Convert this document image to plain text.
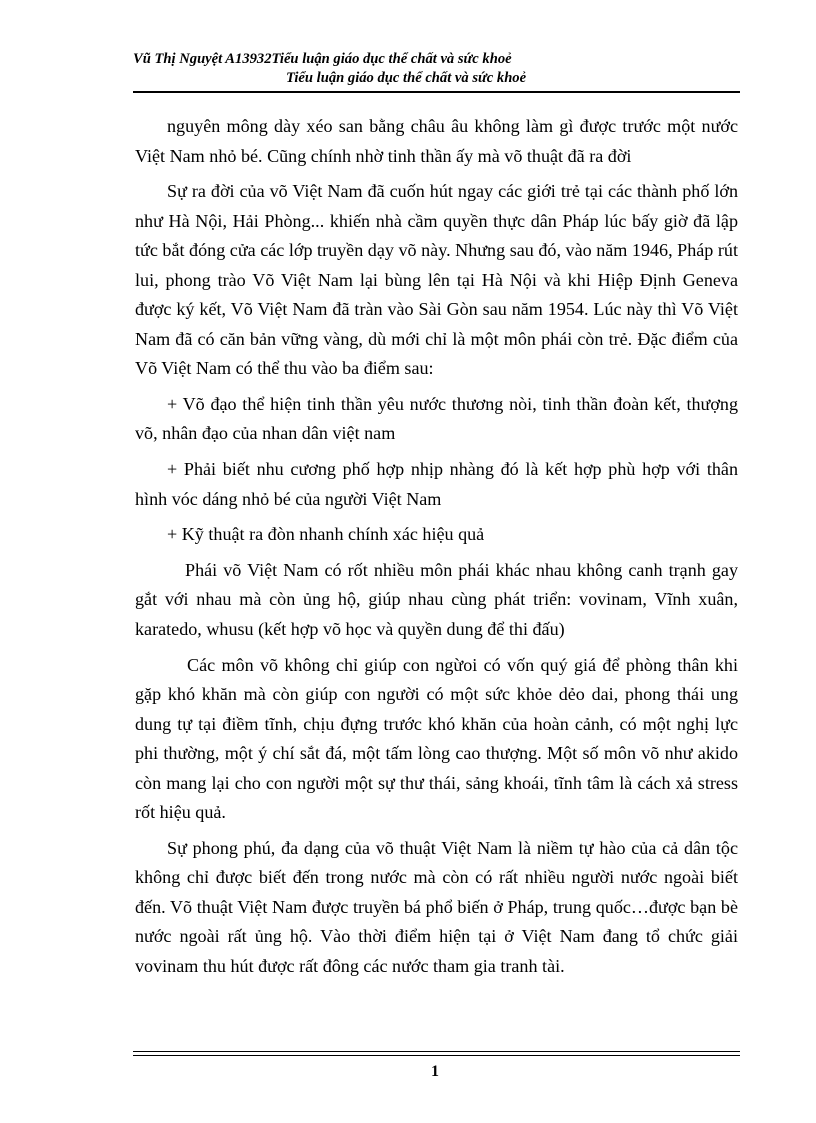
Vũ Thị Nguyệt A13932Tiểu luận giáo dục thể chất và sức khoẻ
Tiểu luận giáo dục thể chất và sức khoẻ

nguyên mông dày xéo san bằng châu âu không làm gì được trước một nước Việt Nam nhỏ bé. Cũng chính nhờ tinh thần ấy mà võ thuật đã ra đời

Sự ra đời của võ Việt Nam đã cuốn hút ngay các giới trẻ tại các thành phố lớn như Hà Nội, Hải Phòng... khiến nhà cầm quyền thực dân Pháp lúc bấy giờ đã lập tức bắt đóng cửa các lớp truyền dạy võ này. Nhưng sau đó, vào năm 1946, Pháp rút lui, phong trào Võ Việt Nam lại bùng lên tại Hà Nội và khi Hiệp Định Geneva được ký kết, Võ Việt Nam đã tràn vào Sài Gòn sau năm 1954. Lúc này thì Võ Việt Nam đã có căn bản vững vàng, dù mới chỉ là một môn phái còn trẻ. Đặc điểm của Võ Việt Nam có thể thu vào ba điểm sau:

+ Võ đạo thể hiện tinh thần yêu nước thương nòi, tinh thần đoàn kết, thượng võ, nhân đạo của nhan dân việt nam

+ Phải biết nhu cương phố hợp nhịp nhàng đó là kết hợp phù hợp với thân hình vóc dáng nhỏ bé của người Việt Nam

+ Kỹ thuật ra đòn nhanh chính xác hiệu quả

Phái võ Việt Nam có rốt nhiều môn phái khác nhau không canh trạnh gay gắt với nhau mà còn ủng hộ, giúp nhau cùng phát triển: vovinam, Vĩnh xuân, karatedo, whusu (kết hợp võ học và quyền dung để thi đấu)

Các môn võ không chỉ giúp con ngừoi có vốn quý giá để phòng thân khi gặp khó khăn mà còn giúp con người có một sức khỏe dẻo dai, phong thái ung dung tự tại điềm tĩnh, chịu đựng trước khó khăn của hoàn cảnh, có một nghị lực phi thường, một ý chí sắt đá, một tấm lòng cao thượng. Một số môn võ như akido còn mang lại cho con người một sự thư thái, sảng khoái, tĩnh tâm là cách xả stress rốt hiệu quả.

Sự phong phú, đa dạng của võ thuật Việt Nam là niềm tự hào của cả dân tộc không chỉ được biết đến trong nước mà còn có rất nhiều người nước ngoài biết đến. Võ thuật Việt Nam được truyền bá phổ biến ở Pháp, trung quốc…được bạn bè nước ngoài rất ủng hộ. Vào thời điểm hiện tại ở Việt Nam đang tổ chức giải vovinam thu hút được rất đông các nước tham gia tranh tài.

1
